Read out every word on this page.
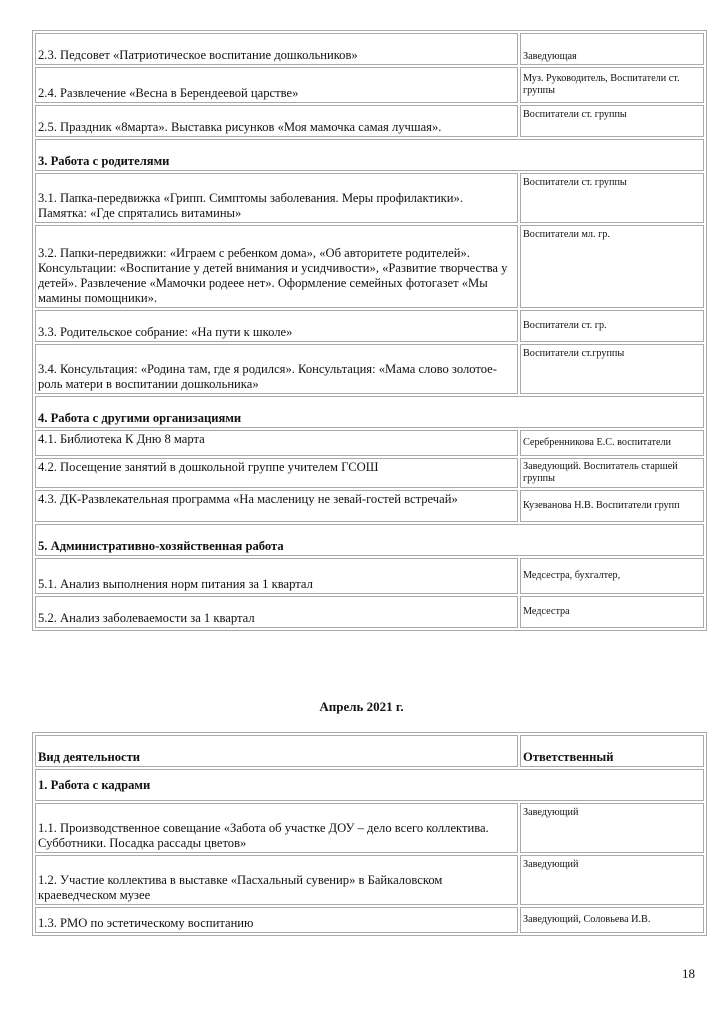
2.3. Педсовет «Патриотическое воспитание дошкольников»	Заведующая
2.4. Развлечение «Весна в Берендеевой царстве»	Муз. Руководитель, Воспитатели ст. группы
2.5. Праздник «8марта». Выставка рисунков «Моя мамочка самая лучшая».	Воспитатели ст. группы
3. Работа с родителями	
3.1. Папка-передвижка «Грипп. Симптомы заболевания. Меры профилактики». Памятка: «Где спрятались витамины»	Воспитатели ст. группы
3.2. Папки-передвижки: «Играем с ребенком дома», «Об авторитете родителей». Консультации: «Воспитание у детей внимания и усидчивости», «Развитие творчества у детей». Развлечение «Мамочки родеее нет». Оформление семейных фотогазет «Мы мамины помощники».	Воспитатели мл. гр.
3.3. Родительское собрание: «На пути к школе»	Воспитатели ст. гр.
3.4. Консультация: «Родина там, где я родился». Консультация: «Мама слово золотое-роль матери в воспитании дошкольника»	Воспитатели ст.группы
4. Работа с другими организациями	
4.1. Библиотека К Дню 8 марта	Серебренникова Е.С. воспитатели
4.2. Посещение занятий в дошкольной группе учителем ГСОШ	Заведующий. Воспитатель старшей группы
4.3. ДК-Развлекательная программа «На масленицу не зевай-гостей встречай»	Кузеванова Н.В. Воспитатели групп
5. Административно-хозяйственная работа	
5.1. Анализ выполнения норм питания за 1 квартал	Медсестра, бухгалтер,
5.2. Анализ заболеваемости за 1 квартал	Медсестра
Апрель 2021 г.
Вид деятельности	Ответственный
1. Работа с кадрами	
1.1. Производственное совещание «Забота об участке ДОУ – дело всего коллектива. Субботники. Посадка рассады цветов»	Заведующий
1.2. Участие коллектива в выставке «Пасхальный сувенир» в Байкаловском краеведческом музее	Заведующий
1.3. РМО по эстетическому воспитанию	Заведующий, Соловьева И.В.
18
